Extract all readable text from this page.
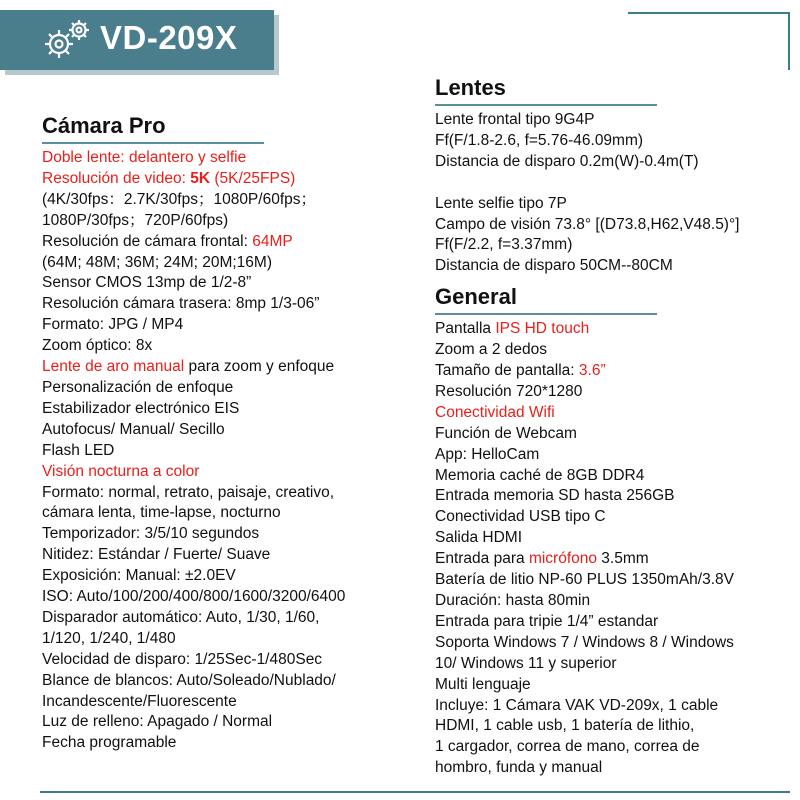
VD-209X
Cámara Pro
Doble lente: delantero y selfie
Resolución de video: 5K (5K/25FPS)
(4K/30fps：2.7K/30fps；1080P/60fps；
1080P/30fps；720P/60fps)
Resolución de cámara frontal: 64MP
(64M; 48M; 36M; 24M; 20M;16M)
Sensor CMOS 13mp de 1/2-8”
Resolución cámara trasera: 8mp 1/3-06”
Formato: JPG / MP4
Zoom óptico: 8x
Lente de aro manual para zoom y enfoque
Personalización de enfoque
Estabilizador electrónico EIS
Autofocus/ Manual/ Secillo
Flash LED
Visión nocturna a color
Formato: normal, retrato, paisaje, creativo,
cámara lenta, time-lapse, nocturno
Temporizador: 3/5/10 segundos
Nitidez: Estándar / Fuerte/ Suave
Exposición: Manual: ±2.0EV
ISO: Auto/100/200/400/800/1600/3200/6400
Disparador automático: Auto, 1/30, 1/60,
1/120, 1/240, 1/480
Velocidad de disparo: 1/25Sec-1/480Sec
Blance de blancos: Auto/Soleado/Nublado/
Incandescente/Fluorescente
Luz de relleno: Apagado / Normal
Fecha programable
Lentes
Lente frontal tipo 9G4P
Ff(F/1.8-2.6, f=5.76-46.09mm)
Distancia de disparo 0.2m(W)-0.4m(T)
Lente selfie tipo 7P
Campo de visión 73.8° [(D73.8,H62,V48.5)°]
Ff(F/2.2, f=3.37mm)
Distancia de disparo 50CM--80CM
General
Pantalla IPS HD touch
Zoom a 2 dedos
Tamaño de pantalla: 3.6”
Resolución 720*1280
Conectividad Wifi
Función de Webcam
App: HelloCam
Memoria caché de 8GB DDR4
Entrada memoria SD hasta 256GB
Conectividad USB tipo C
Salida HDMI
Entrada para micrófono 3.5mm
Batería de litio NP-60 PLUS 1350mAh/3.8V
Duración: hasta 80min
Entrada para tripie 1/4” estandar
Soporta Windows 7 / Windows 8 / Windows
10/ Windows 11 y superior
Multi lenguaje
Incluye: 1 Cámara VAK VD-209x, 1 cable
HDMI, 1 cable usb, 1 batería de lithio,
1 cargador, correa de mano, correa de
hombro, funda y manual
